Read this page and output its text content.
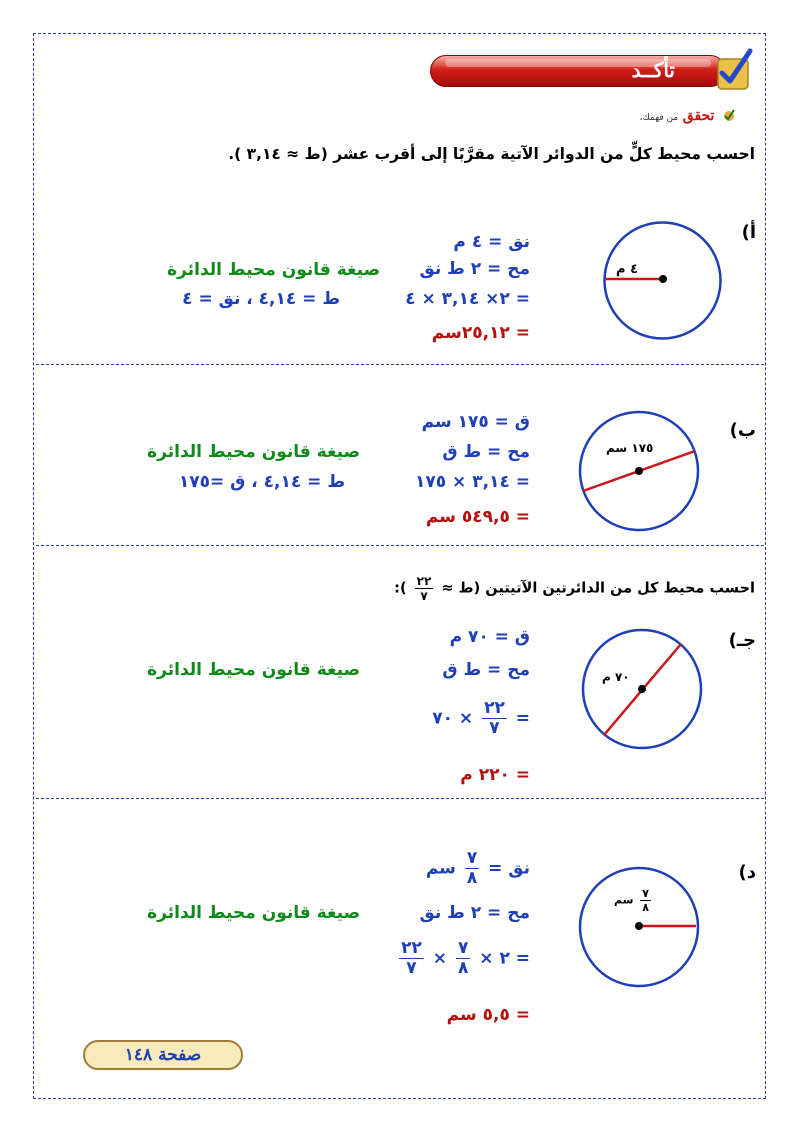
تأكــد
تحقق من فهمك،
احسب محيط كلٍّ من الدوائر الآتية مقرَّبًا إلى أقرب عشر (ط ≈ ٣,١٤ ).
أ)
٤ م
نق = ٤ م
مح = ٢ ط نق
= ٢× ٣,١٤ × ٤
= ٢٥,١٢سم
صيغة قانون محيط الدائرة
ط = ٤,١٤ ، نق = ٤
ب)
١٧٥ سم
ق = ١٧٥ سم
مح = ط ق
= ٣,١٤ × ١٧٥
= ٥٤٩,٥ سم
صيغة قانون محيط الدائرة
ط = ٤,١٤ ، ق =١٧٥
احسب محيط كل من الدائرتين الآتيتين (ط ≈
$\frac{٢٢}{٧}$
):
جـ)
٧٠ م
ق = ٧٠ م
مح = ط ق
=
$\frac{٢٢}{٧}$
× ٧٠
= ٢٢٠ م
صيغة قانون محيط الدائرة
د)
$\frac{٧}{٨}$
سم
نق =
$\frac{٧}{٨}$
سم
مح = ٢ ط نق
= ٢ ×
$\frac{٧}{٨}$
×
$\frac{٢٢}{٧}$
= ٥,٥ سم
صيغة قانون محيط الدائرة
صفحة ١٤٨
